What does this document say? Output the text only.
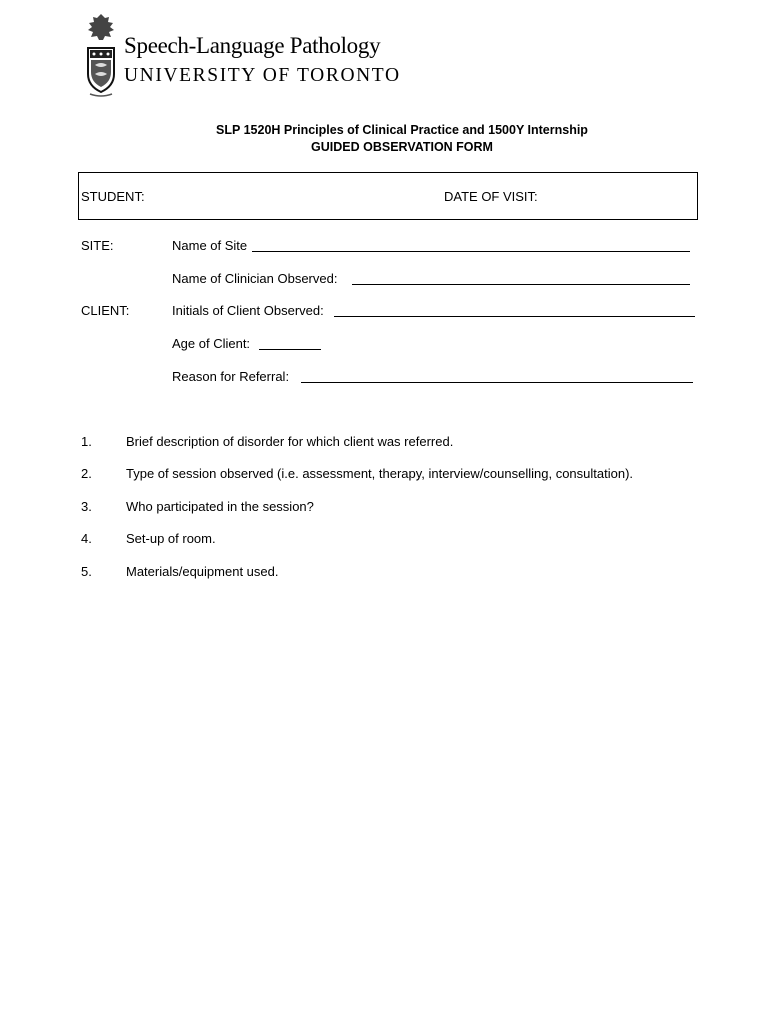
Speech-Language Pathology
UNIVERSITY OF TORONTO
SLP 1520H Principles of Clinical Practice and 1500Y Internship
GUIDED OBSERVATION FORM
STUDENT:	DATE OF VISIT:
SITE:	Name of Site
Name of Clinician Observed:
CLIENT:	Initials of Client Observed:
Age of Client:
Reason for Referral:
1.	Brief description of disorder for which client was referred.
2.	Type of session observed (i.e. assessment, therapy, interview/counselling, consultation).
3.	Who participated in the session?
4.	Set-up of room.
5.	Materials/equipment used.
